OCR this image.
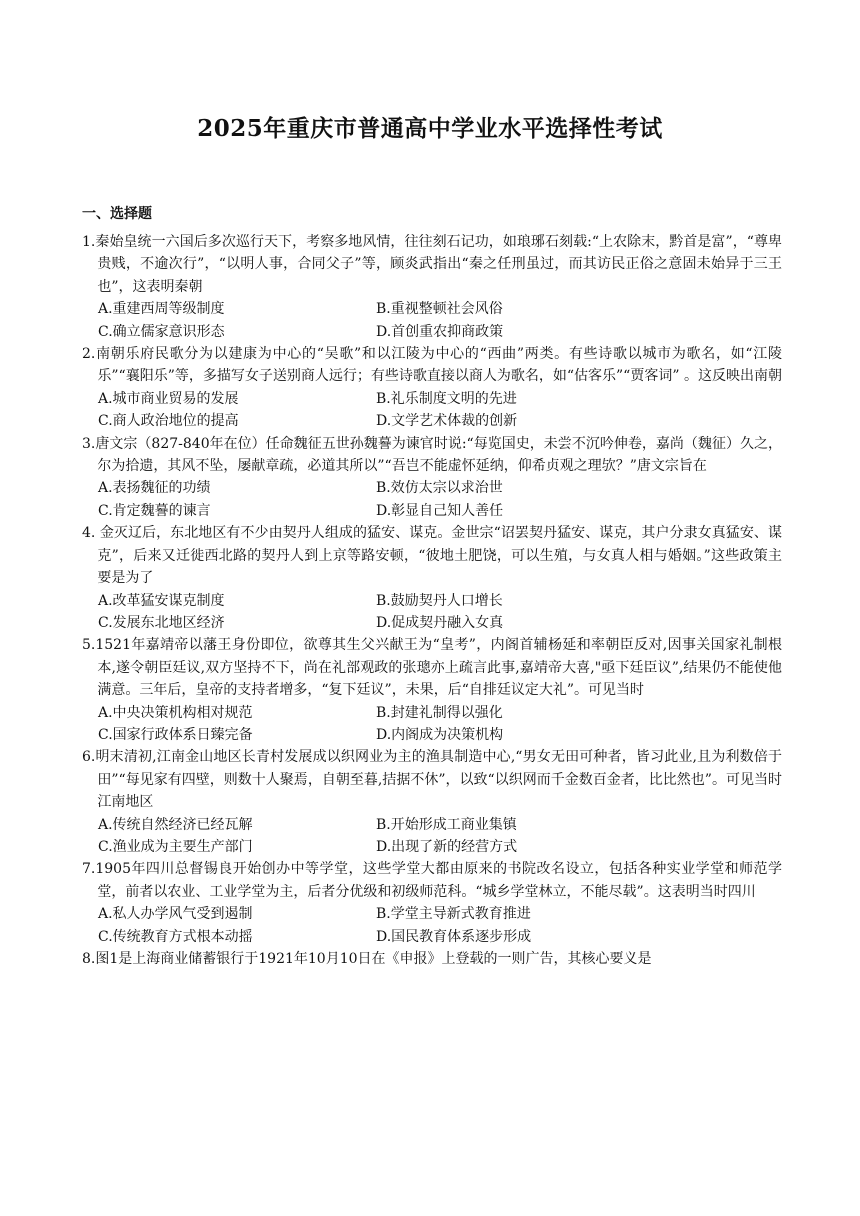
2025年重庆市普通高中学业水平选择性考试
一、选择题
1.秦始皇统一六国后多次巡行天下，考察多地风情，往往刻石记功，如琅琊石刻载:“上农除末，黔首是富”，“尊卑贵贱，不逾次行”，“以明人事，合同父子”等，顾炎武指出“秦之任刑虽过，而其访民正俗之意固未始异于三王也”，这表明秦朝
A.重建西周等级制度	B.重视整顿社会风俗
C.确立儒家意识形态	D.首创重农抑商政策
2.南朝乐府民歌分为以建康为中心的“吴歌”和以江陵为中心的“西曲”两类。有些诗歌以城市为歌名，如“江陵乐”“襄阳乐”等，多描写女子送别商人远行；有些诗歌直接以商人为歌名，如“估客乐”“贾客词” 。这反映出南朝
A.城市商业贸易的发展	B.礼乐制度文明的先进
C.商人政治地位的提高	D.文学艺术体裁的创新
3.唐文宗（827-840年在位）任命魏征五世孙魏謩为谏官时说:“每览国史，未尝不沉吟伸卷，嘉尚（魏征）久之，尔为拾遗，其风不坠，屡献章疏，必道其所以”“吾岂不能虚怀延纳，仰希贞观之理欤？”唐文宗旨在
A.表扬魏征的功绩	B.效仿太宗以求治世
C.肯定魏謩的谏言	D.彰显自己知人善任
4. 金灭辽后，东北地区有不少由契丹人组成的猛安、谋克。金世宗“诏罢契丹猛安、谋克，其户分隶女真猛安、谋克”，后来又迁徙西北路的契丹人到上京等路安顿，“彼地土肥饶，可以生殖，与女真人相与婚姻。”这些政策主要是为了
A.改革猛安谋克制度	B.鼓励契丹人口增长
C.发展东北地区经济	D.促成契丹融入女真
5.1521年嘉靖帝以藩王身份即位，欲尊其生父兴献王为“皇考”，内阁首辅杨延和率朝臣反对,因事关国家礼制根本,遂令朝臣廷议,双方坚持不下，尚在礼部观政的张璁亦上疏言此事,嘉靖帝大喜,"亟下廷臣议”,结果仍不能使他满意。三年后，皇帝的支持者增多，“复下廷议”，未果，后“自排廷议定大礼”。可见当时
A.中央决策机构相对规范	B.封建礼制得以强化
C.国家行政体系日臻完备	D.内阁成为决策机构
6.明末清初,江南金山地区长青村发展成以织网业为主的渔具制造中心,“男女无田可种者，皆习此业,且为利数倍于田”“每见家有四壁，则数十人聚焉，自朝至暮,拮据不休”，以致“以织网而千金数百金者，比比然也”。可见当时江南地区
A.传统自然经济已经瓦解	B.开始形成工商业集镇
C.渔业成为主要生产部门	D.出现了新的经营方式
7.1905年四川总督锡良开始创办中等学堂，这些学堂大都由原来的书院改名设立，包括各种实业学堂和师范学堂，前者以农业、工业学堂为主，后者分优级和初级师范科。“城乡学堂林立，不能尽载”。这表明当时四川
A.私人办学风气受到遏制	B.学堂主导新式教育推进
C.传统教育方式根本动摇	D.国民教育体系逐步形成
8.图1是上海商业储蓄银行于1921年10月10日在《申报》上登载的一则广告，其核心要义是
